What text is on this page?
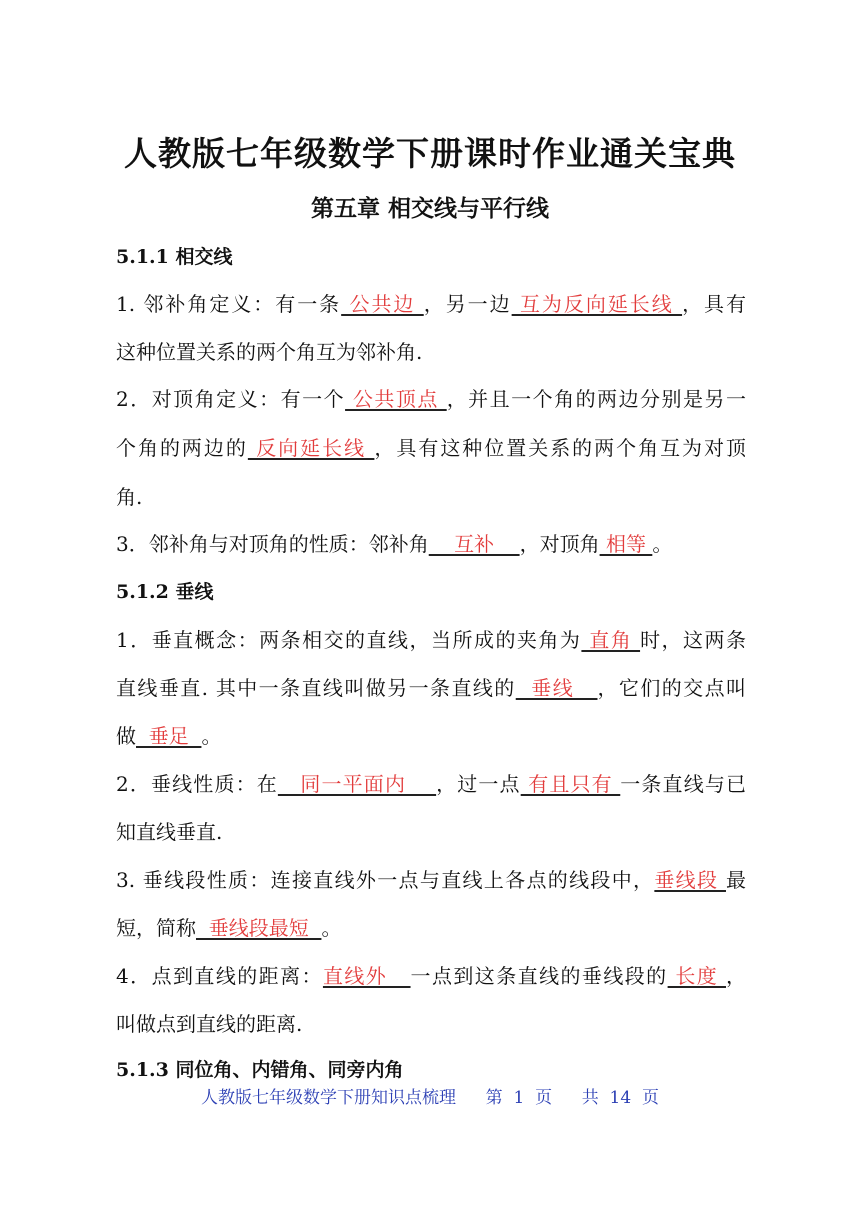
人教版七年级数学下册课时作业通关宝典
第五章 相交线与平行线
5.1.1 相交线
1. 邻补角定义：有一条 公共边 ，另一边 互为反向延长线 ，具有
这种位置关系的两个角互为邻补角.
2．对顶角定义：有一个 公共顶点 ，并且一个角的两边分别是另一
个角的两边的 反向延长线 ，具有这种位置关系的两个角互为对顶
角.
3．邻补角与对顶角的性质：邻补角    互补    ，对顶角 相等 。
5.1.2 垂线
1．垂直概念：两条相交的直线，当所成的夹角为 直角 时，这两条
直线垂直. 其中一条直线叫做另一条直线的  垂线   ，它们的交点叫
做  垂足  。
2．垂线性质：在   同一平面内    ，过一点 有且只有 一条直线与已
知直线垂直.
3. 垂线段性质：连接直线外一点与直线上各点的线段中，垂线段 最
短，简称  垂线段最短  。
4．点到直线的距离：直线外   一点到这条直线的垂线段的 长度 ，
叫做点到直线的距离.
5.1.3 同位角、内错角、同旁内角
人教版七年级数学下册知识点梳理 第  1  页 共  14  页
